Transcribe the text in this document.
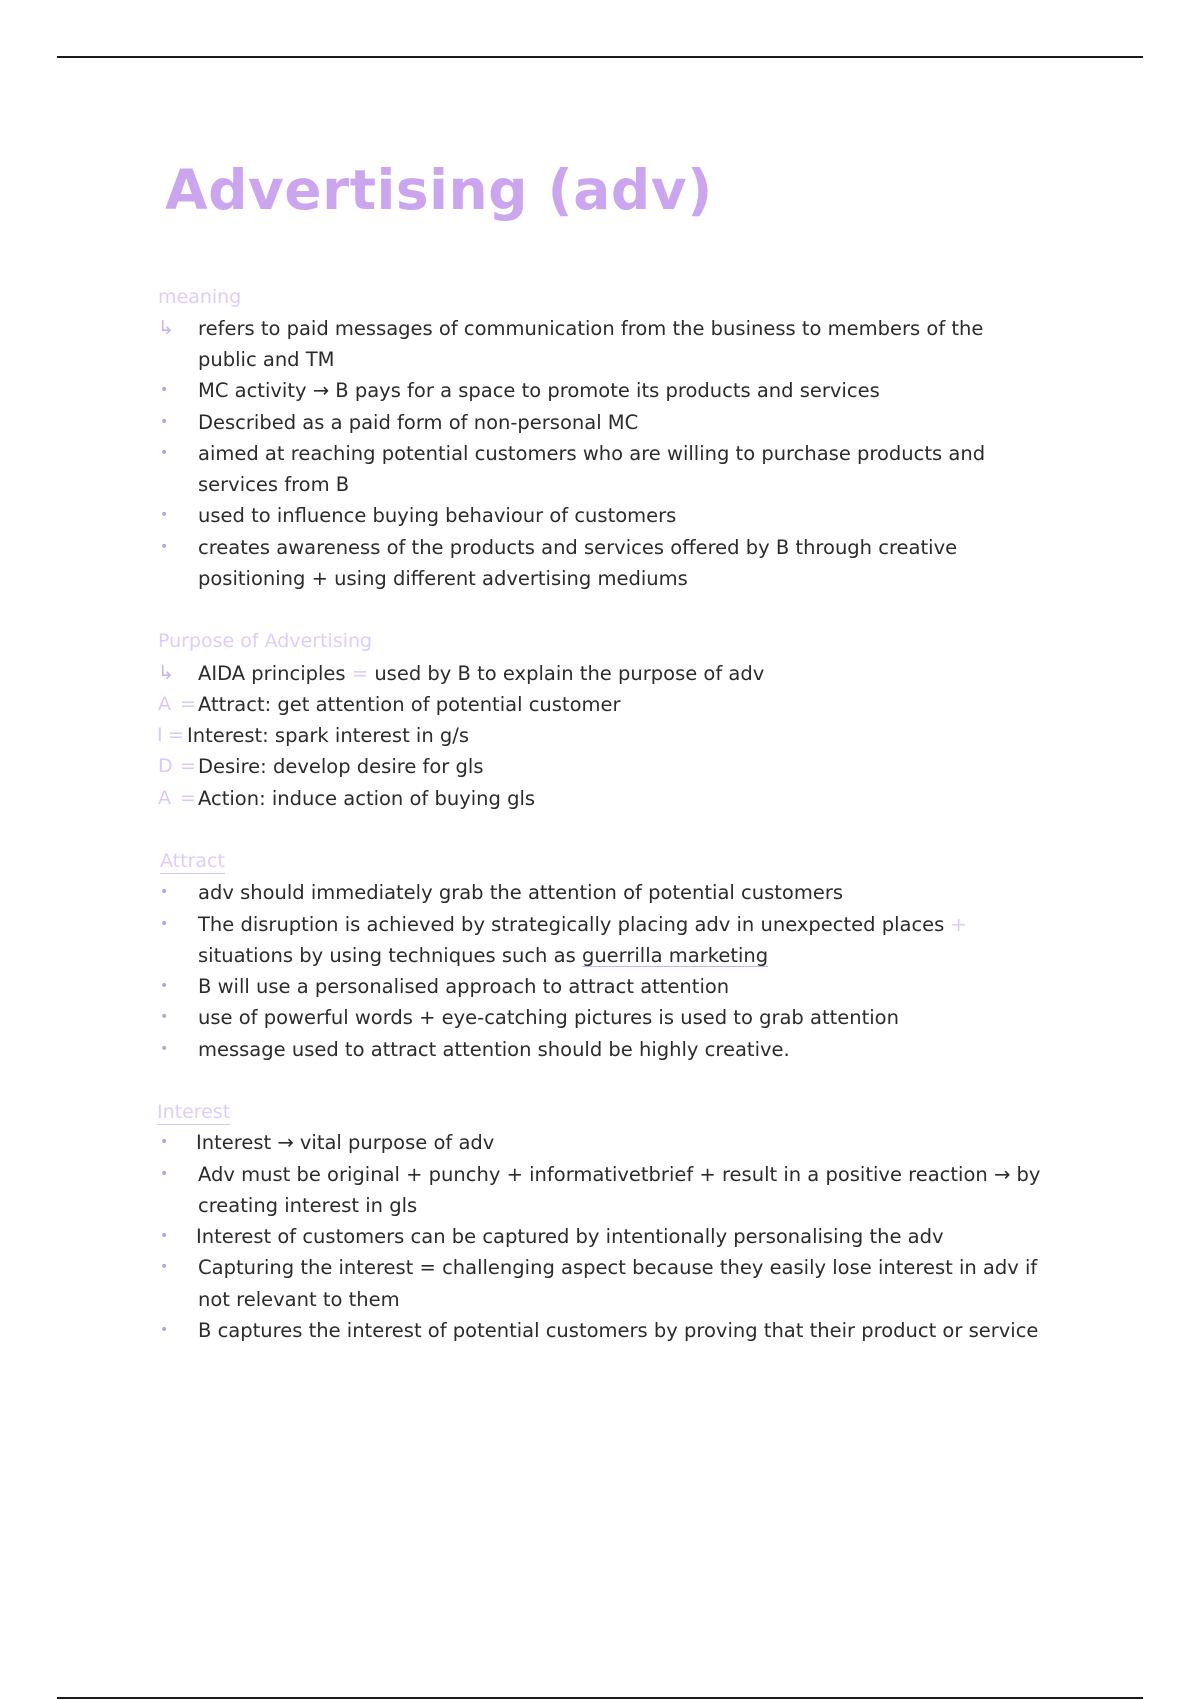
Advertising (adv)
meaning
↳ refers to paid messages of communication from the business to members of the
public and TM
• MC activity → B pays for a space to promote its products and services
• Described as a paid form of non-personal MC
• aimed at reaching potential customers who are willing to purchase products and
services from B
• used to influence buying behaviour of customers
• creates awareness of the products and services offered by B through creative
positioning + using different advertising mediums
Purpose of Advertising
↳ AIDA principles = used by B to explain the purpose of adv
A = Attract: get attention of potential customer
I = Interest: spark interest in g/s
D = Desire: develop desire for gls
A = Action: induce action of buying gls
Attract
• adv should immediately grab the attention of potential customers
• The disruption is achieved by strategically placing adv in unexpected places +
situations by using techniques such as guerrilla marketing
• B will use a personalised approach to attract attention
• use of powerful words + eye-catching pictures is used to grab attention
• message used to attract attention should be highly creative.
Interest
• Interest → vital purpose of adv
• Adv must be original + punchy + informativetbrief + result in a positive reaction → by
creating interest in gls
• Interest of customers can be captured by intentionally personalising the adv
• Capturing the interest = challenging aspect because they easily lose interest in adv if
not relevant to them
• B captures the interest of potential customers by proving that their product or service
